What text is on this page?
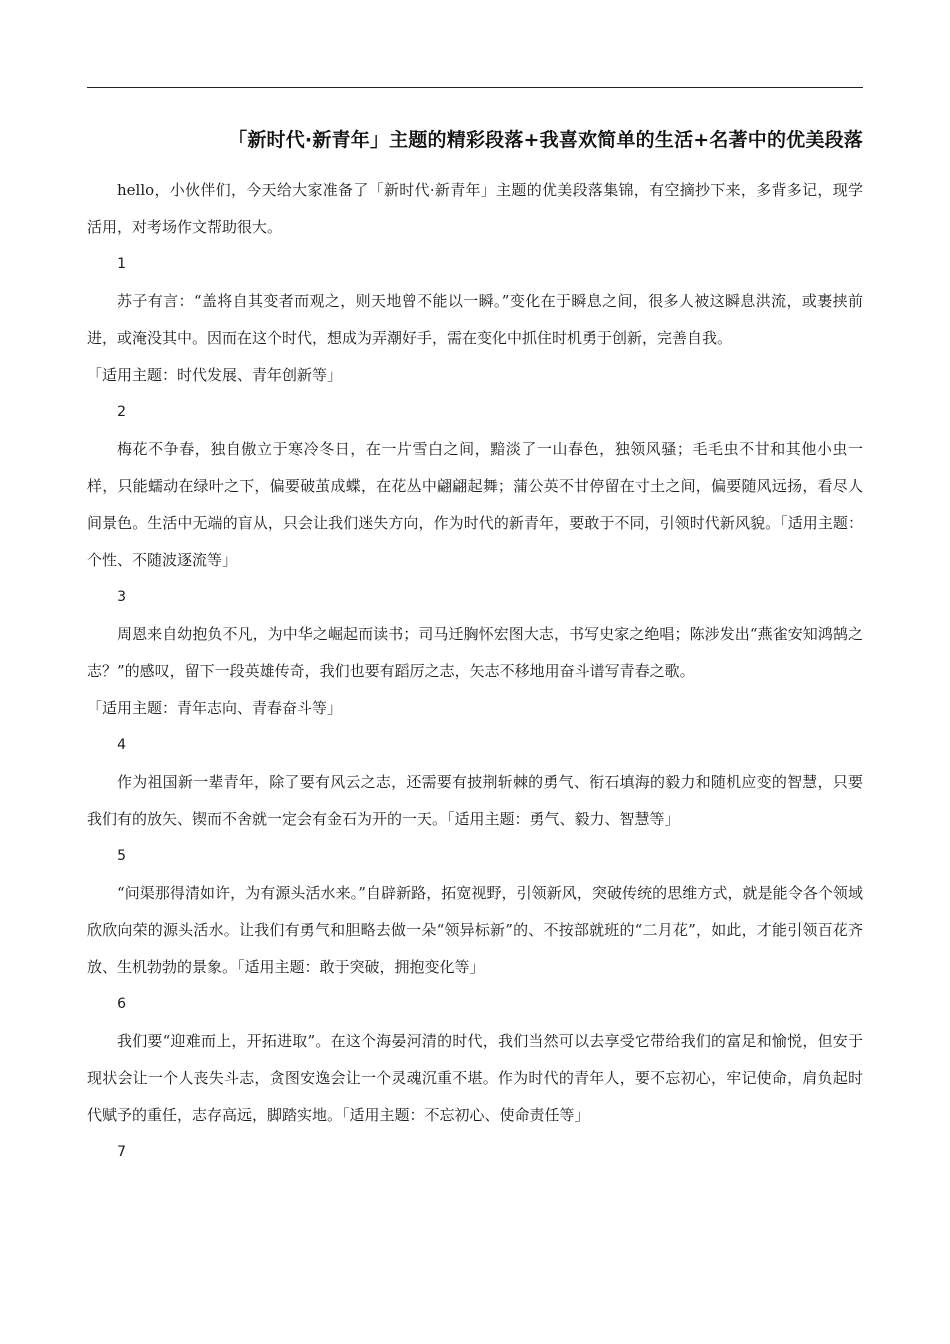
「新时代·新青年」主题的精彩段落+我喜欢简单的生活+名著中的优美段落

hello，小伙伴们，今天给大家准备了「新时代·新青年」主题的优美段落集锦，有空摘抄下来，多背多记，现学活用，对考场作文帮助很大。

1

苏子有言：“盖将自其变者而观之，则天地曾不能以一瞬。”变化在于瞬息之间，很多人被这瞬息洪流，或裹挟前进，或淹没其中。因而在这个时代，想成为弄潮好手，需在变化中抓住时机勇于创新，完善自我。

「适用主题：时代发展、青年创新等」

2

梅花不争春，独自傲立于寒冷冬日，在一片雪白之间，黯淡了一山春色，独领风骚；毛毛虫不甘和其他小虫一样，只能蠕动在绿叶之下，偏要破茧成蝶，在花丛中翩翩起舞；蒲公英不甘停留在寸土之间，偏要随风远扬，看尽人间景色。生活中无端的盲从，只会让我们迷失方向，作为时代的新青年，要敢于不同，引领时代新风貌。「适用主题：个性、不随波逐流等」

3

周恩来自幼抱负不凡，为中华之崛起而读书；司马迁胸怀宏图大志，书写史家之绝唱；陈涉发出“燕雀安知鸿鹄之志？”的感叹，留下一段英雄传奇，我们也要有蹈厉之志，矢志不移地用奋斗谱写青春之歌。

「适用主题：青年志向、青春奋斗等」

4

作为祖国新一辈青年，除了要有风云之志，还需要有披荆斩棘的勇气、衔石填海的毅力和随机应变的智慧，只要我们有的放矢、锲而不舍就一定会有金石为开的一天。「适用主题：勇气、毅力、智慧等」

5

“问渠那得清如许，为有源头活水来。”自辟新路，拓宽视野，引领新风，突破传统的思维方式，就是能令各个领域欣欣向荣的源头活水。让我们有勇气和胆略去做一朵“领异标新”的、不按部就班的“二月花”，如此，才能引领百花齐放、生机勃勃的景象。「适用主题：敢于突破，拥抱变化等」

6

我们要“迎难而上，开拓进取”。在这个海晏河清的时代，我们当然可以去享受它带给我们的富足和愉悦，但安于现状会让一个人丧失斗志，贪图安逸会让一个灵魂沉重不堪。作为时代的青年人，要不忘初心，牢记使命，肩负起时代赋予的重任，志存高远，脚踏实地。「适用主题：不忘初心、使命责任等」

7
